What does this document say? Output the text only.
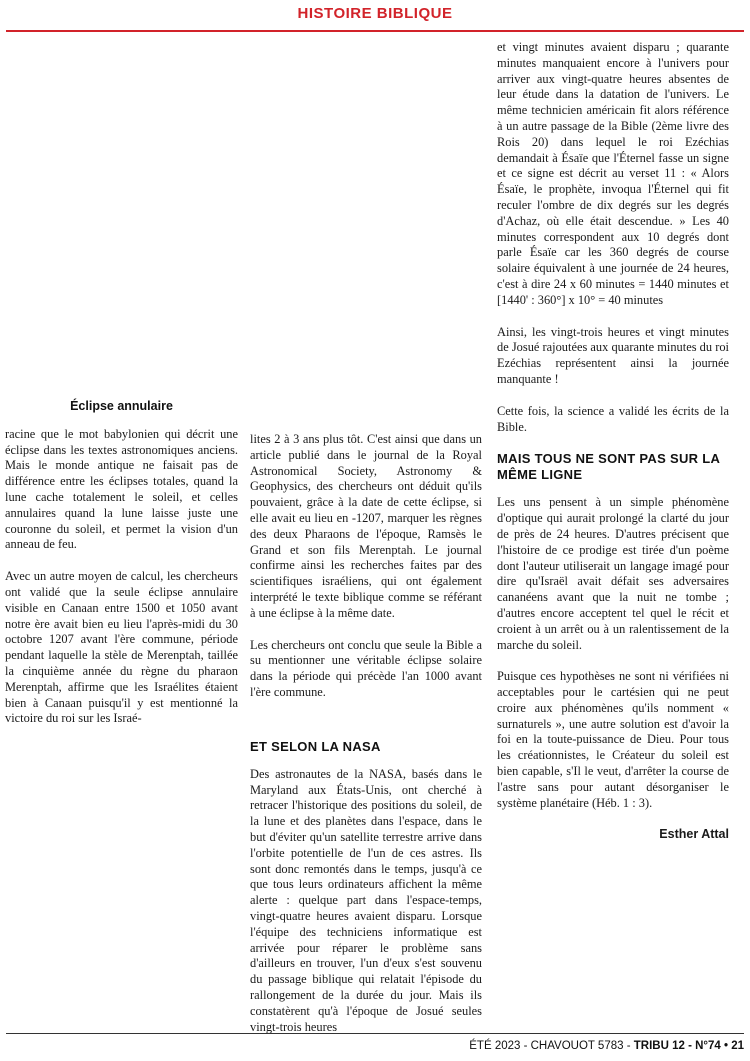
HISTOIRE BIBLIQUE
Éclipse annulaire

racine que le mot babylonien qui décrit une éclipse dans les textes astronomiques anciens. Mais le monde antique ne faisait pas de différence entre les éclipses totales, quand la lune cache totalement le soleil, et celles annulaires quand la lune laisse juste une couronne du soleil, et permet la vision d'un anneau de feu.

Avec un autre moyen de calcul, les chercheurs ont validé que la seule éclipse annulaire visible en Canaan entre 1500 et 1050 avant notre ère avait bien eu lieu l'après-midi du 30 octobre 1207 avant l'ère commune, période pendant laquelle la stèle de Merenptah, taillée la cinquième année du règne du pharaon Merenptah, affirme que les Israélites étaient bien à Canaan puisqu'il y est mentionné la victoire du roi sur les Israé-

lites 2 à 3 ans plus tôt. C'est ainsi que dans un article publié dans le journal de la Royal Astronomical Society, Astronomy & Geophysics, des chercheurs ont déduit qu'ils pouvaient, grâce à la date de cette éclipse, si elle avait eu lieu en -1207, marquer les règnes des deux Pharaons de l'époque, Ramsès le Grand et son fils Merenptah. Le journal confirme ainsi les recherches faites par des scientifiques israéliens, qui ont également interprété le texte biblique comme se référant à une éclipse à la même date.

Les chercheurs ont conclu que seule la Bible a su mentionner une véritable éclipse solaire dans la période qui précède l'an 1000 avant l'ère commune.

ET SELON LA NASA

Des astronautes de la NASA, basés dans le Maryland aux États-Unis, ont cherché à retracer l'historique des positions du soleil, de la lune et des planètes dans l'espace, dans le but d'éviter qu'un satellite terrestre arrive dans l'orbite potentielle de l'un de ces astres. Ils sont donc remontés dans le temps, jusqu'à ce que tous leurs ordinateurs affichent la même alerte : quelque part dans l'espace-temps, vingt-quatre heures avaient disparu. Lorsque l'équipe des techniciens informatique est arrivée pour réparer le problème sans d'ailleurs en trouver, l'un d'eux s'est souvenu du passage biblique qui relatait l'épisode du rallongement de la durée du jour. Mais ils constatèrent qu'à l'époque de Josué seules vingt-trois heures

et vingt minutes avaient disparu ; quarante minutes manquaient encore à l'univers pour arriver aux vingt-quatre heures absentes de leur étude dans la datation de l'univers. Le même technicien américain fit alors référence à un autre passage de la Bible (2ème livre des Rois 20) dans lequel le roi Ezéchias demandait à Ésaïe que l'Éternel fasse un signe et ce signe est décrit au verset 11 : « Alors Ésaïe, le prophète, invoqua l'Éternel qui fit reculer l'ombre de dix degrés sur les degrés d'Achaz, où elle était descendue. » Les 40 minutes correspondent aux 10 degrés dont parle Ésaïe car les 360 degrés de course solaire équivalent à une journée de 24 heures, c'est à dire 24 x 60 minutes = 1440 minutes et [1440' : 360°] x 10° = 40 minutes

Ainsi, les vingt-trois heures et vingt minutes de Josué rajoutées aux quarante minutes du roi Ezéchias représentent ainsi la journée manquante !

Cette fois, la science a validé les écrits de la Bible.

MAIS TOUS NE SONT PAS SUR LA MÊME LIGNE

Les uns pensent à un simple phénomène d'optique qui aurait prolongé la clarté du jour de près de 24 heures. D'autres précisent que l'histoire de ce prodige est tirée d'un poème dont l'auteur utiliserait un langage imagé pour dire qu'Israël avait défait ses adversaires cananéens avant que la nuit ne tombe ; d'autres encore acceptent tel quel le récit et croient à un arrêt ou à un ralentissement de la marche du soleil.

Puisque ces hypothèses ne sont ni vérifiées ni acceptables pour le cartésien qui ne peut croire aux phénomènes qu'ils nomment « surnaturels », une autre solution est d'avoir la foi en la toute-puissance de Dieu. Pour tous les créationnistes, le Créateur du soleil est bien capable, s'Il le veut, d'arrêter la course de l'astre sans pour autant désorganiser le système planétaire (Héb. 1 : 3).

Esther Attal
ÉTÉ 2023 - CHAVOUOT 5783 - TRIBU 12 - N°74 • 21
